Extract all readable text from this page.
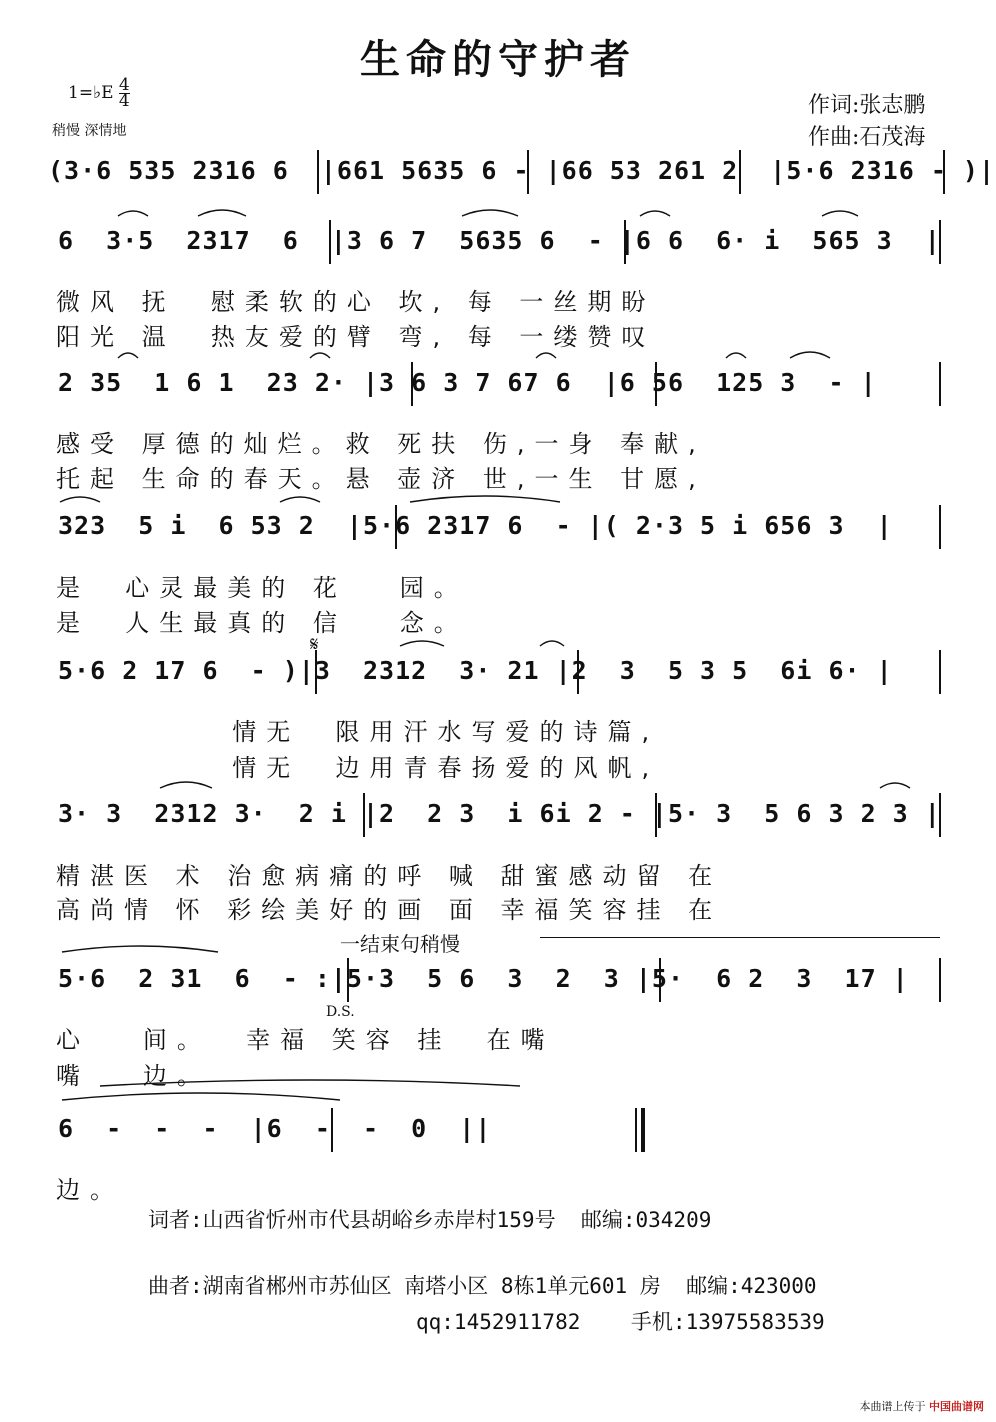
生命的守护者
1=♭E $\frac{4}{4}$
稍慢 深情地
作词:张志鹏
作曲:石茂海
(3·6 535 2316 6  |661 5635 6 - |66 53 261 2  |5·6 2316 - )|
6  3·5  2317  6  |3 6 7  5635 6  - |6 6  6· i  565 3  |
微风 抚  慰柔软的心 坎, 每 一丝期盼
阳光 温  热友爱的臂 弯, 每 一缕赞叹
2 35  1 6 1  23 2· |3 6 3 7 67 6  |6 56  125 3  - |
感受 厚德的灿烂。救 死扶 伤,一身 奉献,
托起 生命的春天。悬 壶济 世,一生 甘愿,
323  5 i  6 53 2  |5·6 2317 6  - |( 2·3 5 i 656 3  |
是  心灵最美的 花   园。
是  人生最真的 信   念。
𝄋
5·6 2 17 6  - )|3  2312  3· 21 |2  3  5 3 5  6i 6· |
情无  限用汗水写爱的诗篇,
情无  边用青春扬爱的风帆,
3· 3  2312 3·  2 i |2  2 3  i 6i 2 - |5· 3  5 6 3 2 3 |
精湛医 术 治愈病痛的呼 喊 甜蜜感动留 在
高尚情 怀 彩绘美好的画 面 幸福笑容挂 在
一结束句稍慢
5·6  2 31  6  - :|5·3  5 6  3  2  3 |5·  6 2  3  17 |
D.S.
心   间。  幸福 笑容 挂  在嘴
嘴   边。
6  -  -  -  |6  -  -  0  ||
边。
词者:山西省忻州市代县胡峪乡赤岸村159号  邮编:034209
曲者:湖南省郴州市苏仙区 南塔小区 8栋1单元601 房  邮编:423000
qq:1452911782    手机:13975583539
本曲谱上传于 中国曲谱网
